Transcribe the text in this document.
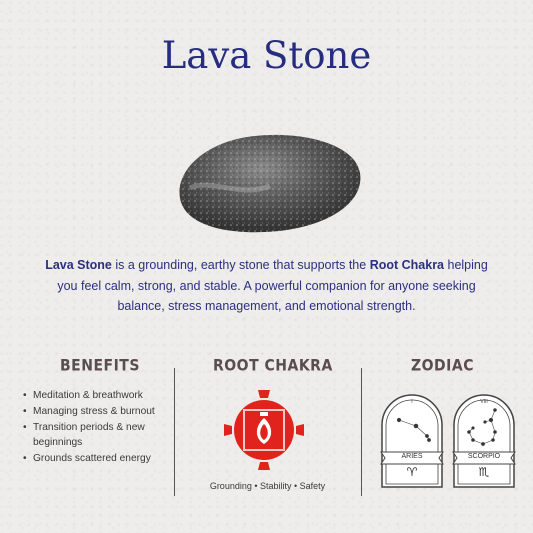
Lava Stone

Lava Stone is a grounding, earthy stone that supports the Root Chakra helping you feel calm, strong, and stable. A powerful companion for anyone seeking balance, stress management, and emotional strength.

BENEFITS
• Meditation & breathwork
• Managing stress & burnout
• Transition periods & new beginnings
• Grounds scattered energy
ROOT CHAKRA
Grounding • Stability • Safety
ZODIAC
I
ARIES
♈
VIII
SCORPIO
♏
